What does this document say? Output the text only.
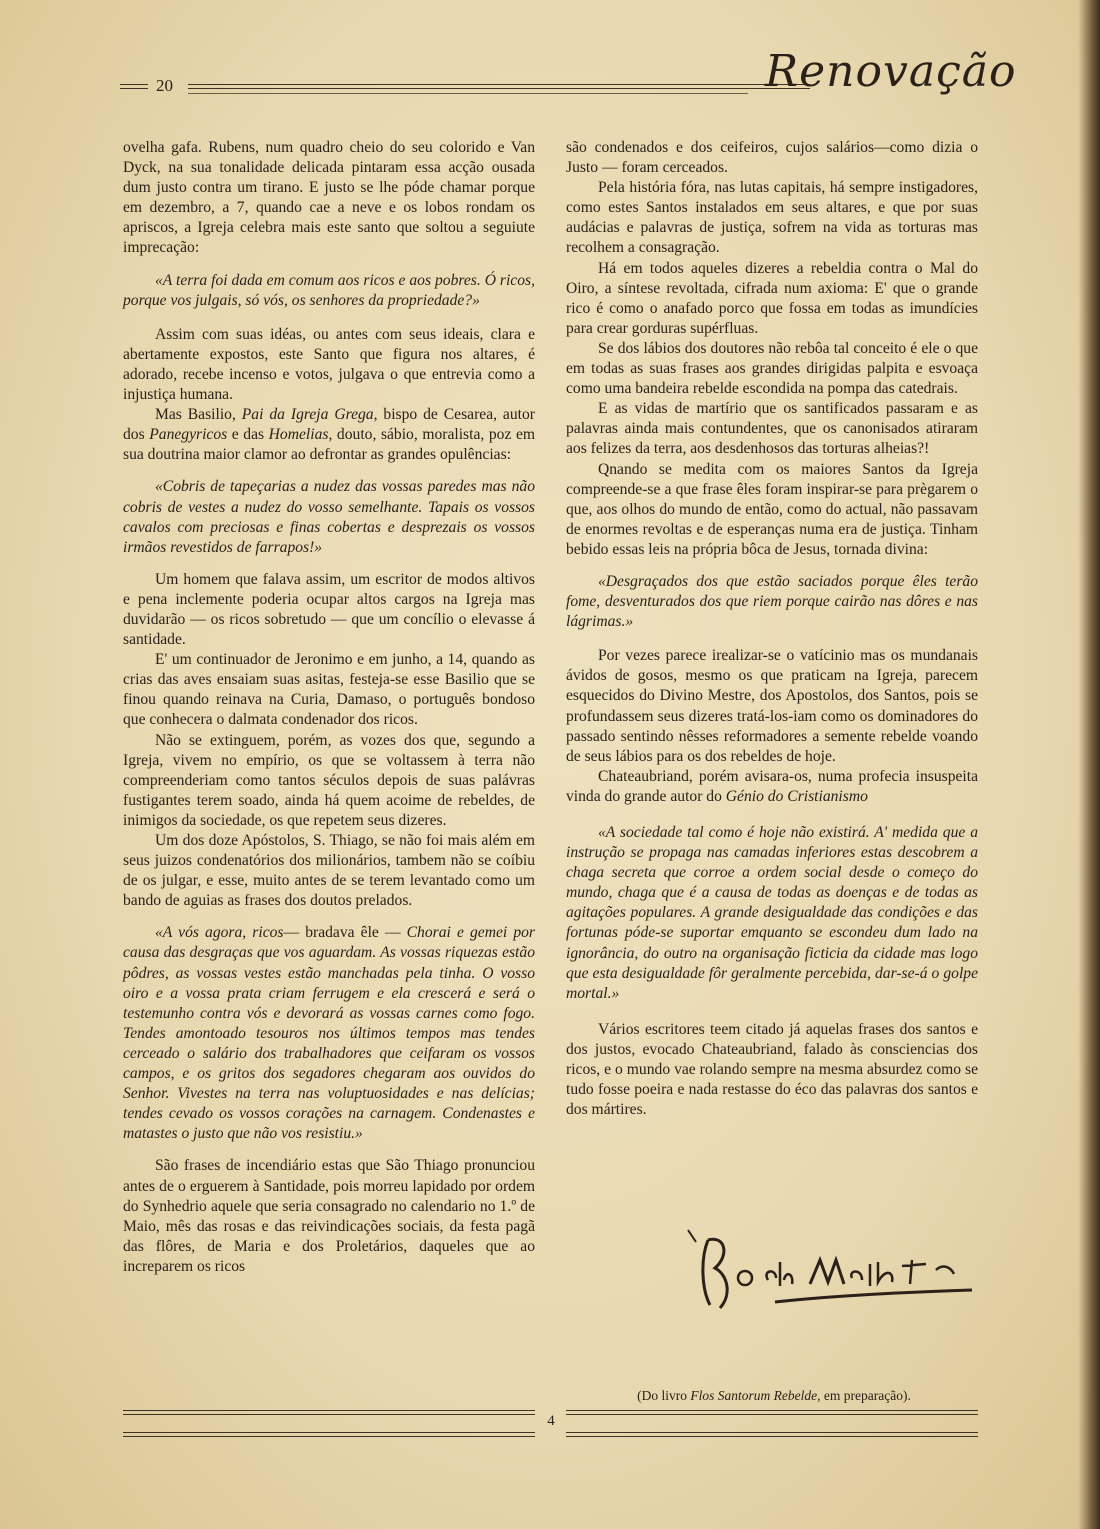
20	Renovação

ovelha gafa. Rubens, num quadro cheio do seu colorido e Van Dyck, na sua tonalidade delicada pintaram essa acção ousada dum justo contra um tirano. E justo se lhe póde chamar porque em dezembro, a 7, quando cae a neve e os lobos rondam os apriscos, a Igreja celebra mais este santo que soltou a seguiute imprecação:

«A terra foi dada em comum aos ricos e aos pobres. Ó ricos, porque vos julgais, só vós, os senhores da propriedade?»

Assim com suas idéas, ou antes com seus ideais, clara e abertamente expostos, este Santo que figura nos altares, é adorado, recebe incenso e votos, julgava o que entrevia como a injustiça humana.

Mas Basilio, Pai da Igreja Grega, bispo de Cesarea, autor dos Panegyricos e das Homelias, douto, sábio, moralista, poz em sua doutrina maior clamor ao defrontar as grandes opulências:

«Cobris de tapeçarias a nudez das vossas paredes mas não cobris de vestes a nudez do vosso semelhante. Tapais os vossos cavalos com preciosas e finas cobertas e desprezais os vossos irmãos revestidos de farrapos!»

Um homem que falava assim, um escritor de modos altivos e pena inclemente poderia ocupar altos cargos na Igreja mas duvidarão — os ricos sobretudo — que um concílio o elevasse á santidade.

E' um continuador de Jeronimo e em junho, a 14, quando as crias das aves ensaiam suas asitas, festeja-se esse Basilio que se finou quando reinava na Curia, Damaso, o português bondoso que conhecera o dalmata condenador dos ricos.

Não se extinguem, porém, as vozes dos que, segundo a Igreja, vivem no empírio, os que se voltassem à terra não compreenderiam como tantos séculos depois de suas palávras fustigantes terem soado, ainda há quem acoime de rebeldes, de inimigos da sociedade, os que repetem seus dizeres.

Um dos doze Apóstolos, S. Thiago, se não foi mais além em seus juizos condenatórios dos milionários, tambem não se coíbiu de os julgar, e esse, muito antes de se terem levantado como um bando de aguias as frases dos doutos prelados.

«A vós agora, ricos— bradava êle — Chorai e gemei por causa das desgraças que vos aguardam. As vossas riquezas estão pôdres, as vossas vestes estão manchadas pela tinha. O vosso oiro e a vossa prata criam ferrugem e ela crescerá e será o testemunho contra vós e devorará as vossas carnes como fogo. Tendes amontoado tesouros nos últimos tempos mas tendes cerceado o salário dos trabalhadores que ceifaram os vossos campos, e os gritos dos segadores chegaram aos ouvidos do Senhor. Vivestes na terra nas voluptuosidades e nas delícias; tendes cevado os vossos corações na carnagem. Condenastes e matastes o justo que não vos resistiu.»

São frases de incendiário estas que São Thiago pronunciou antes de o erguerem à Santidade, pois morreu lapidado por ordem do Synhedrio aquele que seria consagrado no calendario no 1.º de Maio, mês das rosas e das reivindicações sociais, da festa pagã das flôres, de Maria e dos Proletários, daqueles que ao increparem os ricos

são condenados e dos ceifeiros, cujos salários—como dizia o Justo — foram cerceados.

Pela história fóra, nas lutas capitais, há sempre instigadores, como estes Santos instalados em seus altares, e que por suas audácias e palavras de justiça, sofrem na vida as torturas mas recolhem a consagração.

Há em todos aqueles dizeres a rebeldia contra o Mal do Oiro, a síntese revoltada, cifrada num axioma: E' que o grande rico é como o anafado porco que fossa em todas as imundícies para crear gorduras supérfluas.

Se dos lábios dos doutores não rebôa tal conceito é ele o que em todas as suas frases aos grandes dirigidas palpita e esvoaça como uma bandeira rebelde escondida na pompa das catedrais.

E as vidas de martírio que os santificados passaram e as palavras ainda mais contundentes, que os canonisados atiraram aos felizes da terra, aos desdenhosos das torturas alheias?!

Qnando se medita com os maiores Santos da Igreja compreende-se a que frase êles foram inspirar-se para prègarem o que, aos olhos do mundo de então, como do actual, não passavam de enormes revoltas e de esperanças numa era de justiça. Tinham bebido essas leis na própria bôca de Jesus, tornada divina:

«Desgraçados dos que estão saciados porque êles terão fome, desventurados dos que riem porque cairão nas dôres e nas lágrimas.»

Por vezes parece irealizar-se o vatícinio mas os mundanais ávidos de gosos, mesmo os que praticam na Igreja, parecem esquecidos do Divino Mestre, dos Apostolos, dos Santos, pois se profundassem seus dizeres tratá-los-iam como os dominadores do passado sentindo nêsses reformadores a semente rebelde voando de seus lábios para os dos rebeldes de hoje.

Chateaubriand, porém avisara-os, numa profecia insuspeita vinda do grande autor do Génio do Cristianismo

«A sociedade tal como é hoje não existirá. A' medida que a instrução se propaga nas camadas inferiores estas descobrem a chaga secreta que corroe a ordem social desde o começo do mundo, chaga que é a causa de todas as doenças e de todas as agitações populares. A grande desigualdade das condições e das fortunas póde-se suportar emquanto se escondeu dum lado na ignorância, do outro na organisação ficticia da cidade mas logo que esta desigualdade fôr geralmente percebida, dar-se-á o golpe mortal.»

Vários escritores teem citado já aquelas frases dos santos e dos justos, evocado Chateaubriand, falado às consciencias dos ricos, e o mundo vae rolando sempre na mesma absurdez como se tudo fosse poeira e nada restasse do éco das palavras dos santos e dos mártires.

(Do livro Flos Santorum Rebelde, em preparação).
4
